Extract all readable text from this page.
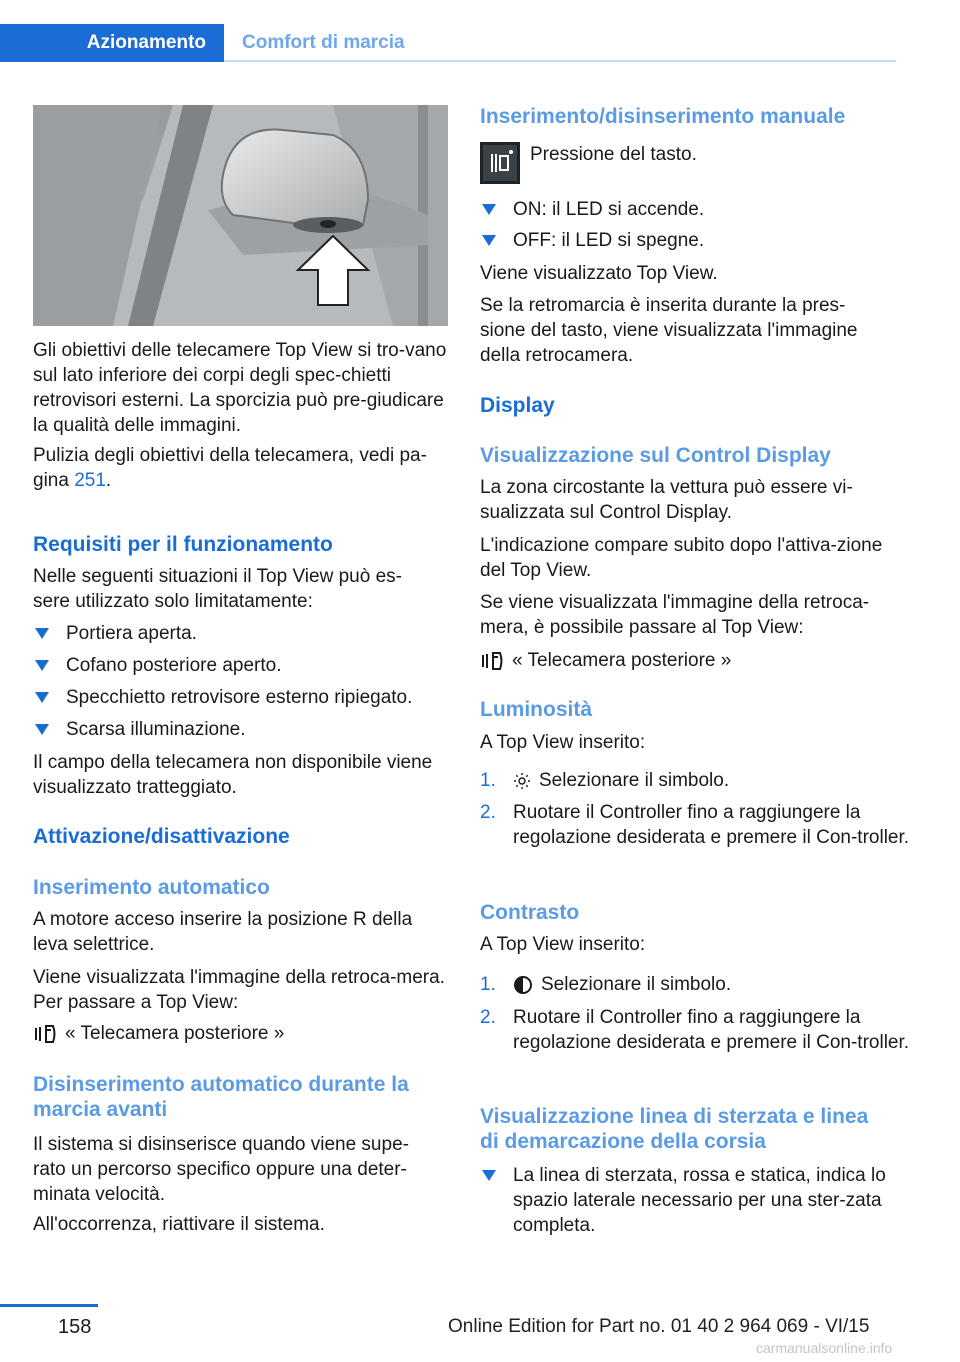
Azionamento	Comfort di marcia

Gli obiettivi delle telecamere Top View si tro‐vano sul lato inferiore dei corpi degli spec‐chietti retrovisori esterni. La sporcizia può pre‐giudicare la qualità delle immagini.

Pulizia degli obiettivi della telecamera, vedi pa‐gina 251.

Requisiti per il funzionamento

Nelle seguenti situazioni il Top View può es‐sere utilizzato solo limitatamente:

Portiera aperta.
Cofano posteriore aperto.
Specchietto retrovisore esterno ripiegato.
Scarsa illuminazione.

Il campo della telecamera non disponibile viene visualizzato tratteggiato.

Attivazione/disattivazione
Inserimento automatico

A motore acceso inserire la posizione R della leva selettrice.

Viene visualizzata l'immagine della retroca‐mera. Per passare a Top View:

« Telecamera posteriore »
Disinserimento automatico durante la marcia avanti

Il sistema si disinserisce quando viene supe‐rato un percorso specifico oppure una deter‐minata velocità.

All'occorrenza, riattivare il sistema.

Inserimento/disinserimento manuale

Pressione del tasto.

ON: il LED si accende.
OFF: il LED si spegne.

Viene visualizzato Top View.

Se la retromarcia è inserita durante la pres‐sione del tasto, viene visualizzata l'immagine della retrocamera.

Display
Visualizzazione sul Control Display

La zona circostante la vettura può essere vi‐sualizzata sul Control Display.

L'indicazione compare subito dopo l'attiva‐zione del Top View.

Se viene visualizzata l'immagine della retroca‐mera, è possibile passare al Top View:

« Telecamera posteriore »
Luminosità

A Top View inserito:

1. Selezionare il simbolo.
2. Ruotare il Controller fino a raggiungere la regolazione desiderata e premere il Con‐troller.
Contrasto

A Top View inserito:

1. Selezionare il simbolo.
2. Ruotare il Controller fino a raggiungere la regolazione desiderata e premere il Con‐troller.
Visualizzazione linea di sterzata e linea di demarcazione della corsia
La linea di sterzata, rossa e statica, indica lo spazio laterale necessario per una ster‐zata completa.
158	Online Edition for Part no. 01 40 2 964 069 - VI/15
carmanualsonline.info
